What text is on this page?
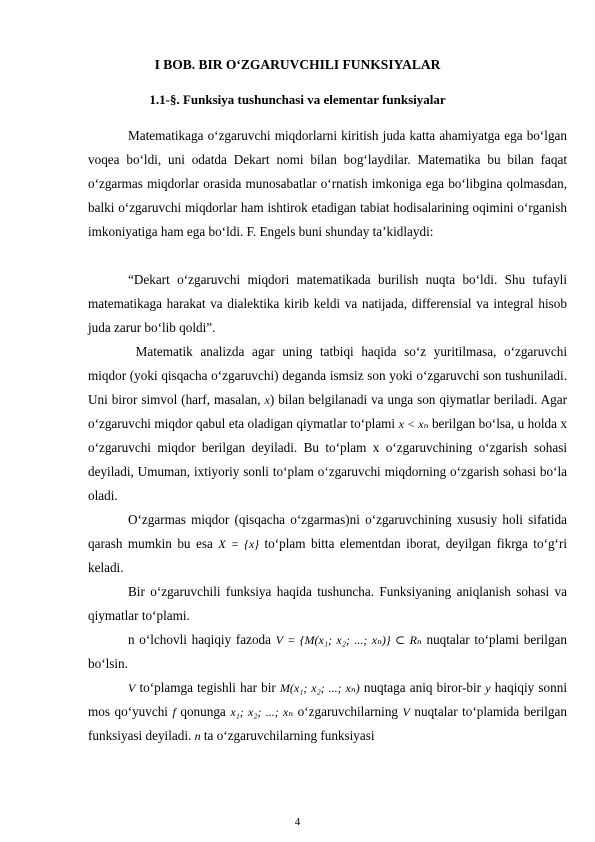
I BOB. BIR O‘ZGARUVCHILI FUNKSIYALAR
1.1-§. Funksiya tushunchasi va elementar funksiyalar

Matematikaga o‘zgaruvchi miqdorlarni kiritish juda katta ahamiyatga ega bo‘lgan voqea bo‘ldi, uni odatda Dekart nomi bilan bog‘laydilar. Matematika bu bilan faqat o‘zgarmas miqdorlar orasida munosabatlar o‘rnatish imkoniga ega bo‘libgina qolmasdan, balki o‘zgaruvchi miqdorlar ham ishtirok etadigan tabiat hodisalarining oqimini o‘rganish imkoniyatiga ham ega bo‘ldi. F. Engels buni shunday ta’kidlaydi:

“Dekart o‘zgaruvchi miqdori matematikada burilish nuqta bo‘ldi. Shu tufayli matematikaga harakat va dialektika kirib keldi va natijada, differensial va integral hisob juda zarur bo‘lib qoldi”.

Matematik analizda agar uning tatbiqi haqida so‘z yuritilmasa, o‘zgaruvchi miqdor (yoki qisqacha o‘zgaruvchi) deganda ismsiz son yoki o‘zgaruvchi son tushuniladi. Uni biror simvol (harf, masalan, x) bilan belgilanadi va unga son qiymatlar beriladi. Agar o‘zgaruvchi miqdor qabul eta oladigan qiymatlar to‘plami x < xₙ berilgan bo‘lsa, u holda x o‘zgaruvchi miqdor berilgan deyiladi. Bu to‘plam x o‘zgaruvchining o‘zgarish sohasi deyiladi, Umuman, ixtiyoriy sonli to‘plam o‘zgaruvchi miqdorning o‘zgarish sohasi bo‘la oladi.

O‘zgarmas miqdor (qisqacha o‘zgarmas)ni o‘zgaruvchining xususiy holi sifatida qarash mumkin bu esa X = {x} to‘plam bitta elementdan iborat, deyilgan fikrga to‘g‘ri keladi.

Bir o‘zgaruvchili funksiya haqida tushuncha. Funksiyaning aniqlanish sohasi va qiymatlar to‘plami.

n o‘lchovli haqiqiy fazoda V = {M(x₁; x₂; ...; xₙ)} ⊂ Rₙ nuqtalar to‘plami berilgan bo‘lsin.

V to‘plamga tegishli har bir M(x₁; x₂; ...; xₙ) nuqtaga aniq biror-bir y haqiqiy sonni mos qo‘yuvchi f qonunga x₁; x₂; ...; xₙ o‘zgaruvchilarning V nuqtalar to‘plamida berilgan funksiyasi deyiladi. n ta o‘zgaruvchilarning funksiyasi

4
